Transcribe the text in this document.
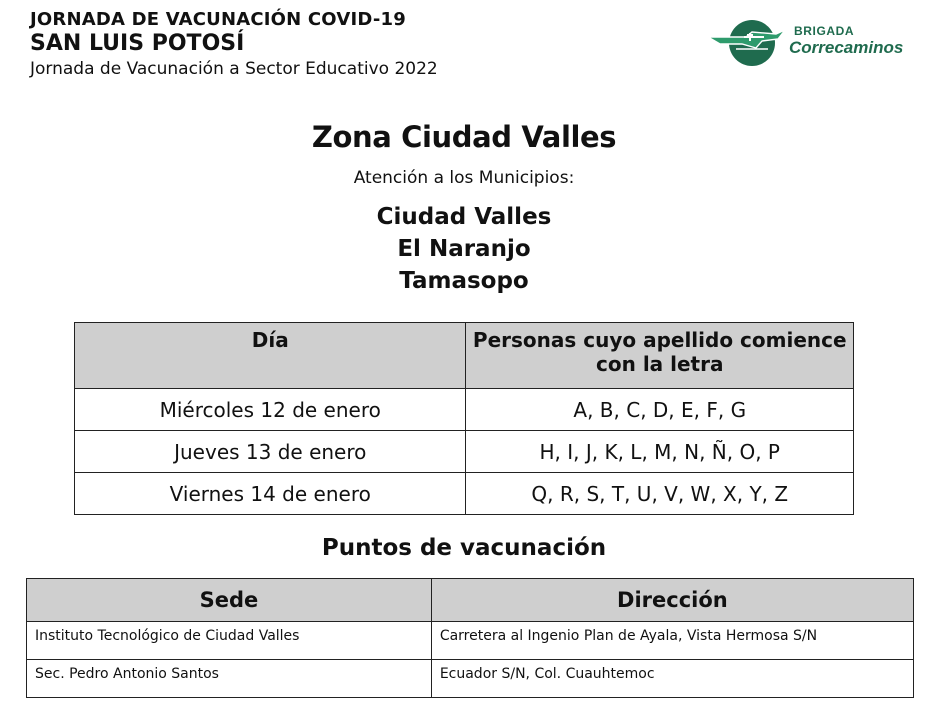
JORNADA DE VACUNACIÓN COVID-19
SAN LUIS POTOSÍ
Jornada de Vacunación a Sector Educativo 2022
BRIGADA
Correcaminos
Zona Ciudad Valles
Atención a los Municipios:
Ciudad Valles
El Naranjo
Tamasopo
Día	Personas cuyo apellido comience con la letra
Miércoles 12 de enero	A, B, C, D, E, F, G
Jueves 13 de enero	H, I, J, K, L, M, N, Ñ, O, P
Viernes 14 de enero	Q, R, S, T, U, V, W, X, Y, Z
Puntos de vacunación
Sede	Dirección
Instituto Tecnológico de Ciudad Valles	Carretera al Ingenio Plan de Ayala, Vista Hermosa S/N
Sec. Pedro Antonio Santos	Ecuador S/N, Col. Cuauhtemoc
